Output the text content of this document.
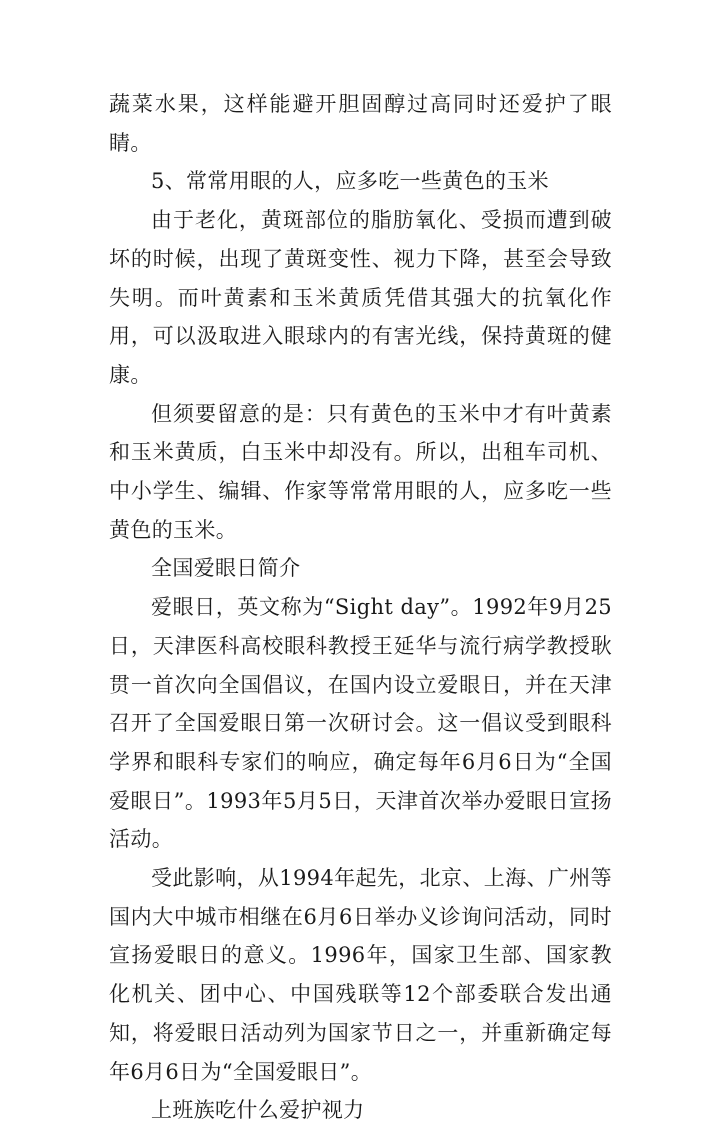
蔬菜水果，这样能避开胆固醇过高同时还爱护了眼睛。

5、常常用眼的人，应多吃一些黄色的玉米

由于老化，黄斑部位的脂肪氧化、受损而遭到破坏的时候，出现了黄斑变性、视力下降，甚至会导致失明。而叶黄素和玉米黄质凭借其强大的抗氧化作用，可以汲取进入眼球内的有害光线，保持黄斑的健康。

但须要留意的是：只有黄色的玉米中才有叶黄素和玉米黄质，白玉米中却没有。所以，出租车司机、中小学生、编辑、作家等常常用眼的人，应多吃一些黄色的玉米。

全国爱眼日简介

爱眼日，英文称为“Sight day”。1992年9月25日，天津医科高校眼科教授王延华与流行病学教授耿贯一首次向全国倡议，在国内设立爱眼日，并在天津召开了全国爱眼日第一次研讨会。这一倡议受到眼科学界和眼科专家们的响应，确定每年6月6日为“全国爱眼日”。1993年5月5日，天津首次举办爱眼日宣扬活动。

受此影响，从1994年起先，北京、上海、广州等国内大中城市相继在6月6日举办义诊询问活动，同时宣扬爱眼日的意义。1996年，国家卫生部、国家教化机关、团中心、中国残联等12个部委联合发出通知，将爱眼日活动列为国家节日之一，并重新确定每年6月6日为“全国爱眼日”。

上班族吃什么爱护视力
